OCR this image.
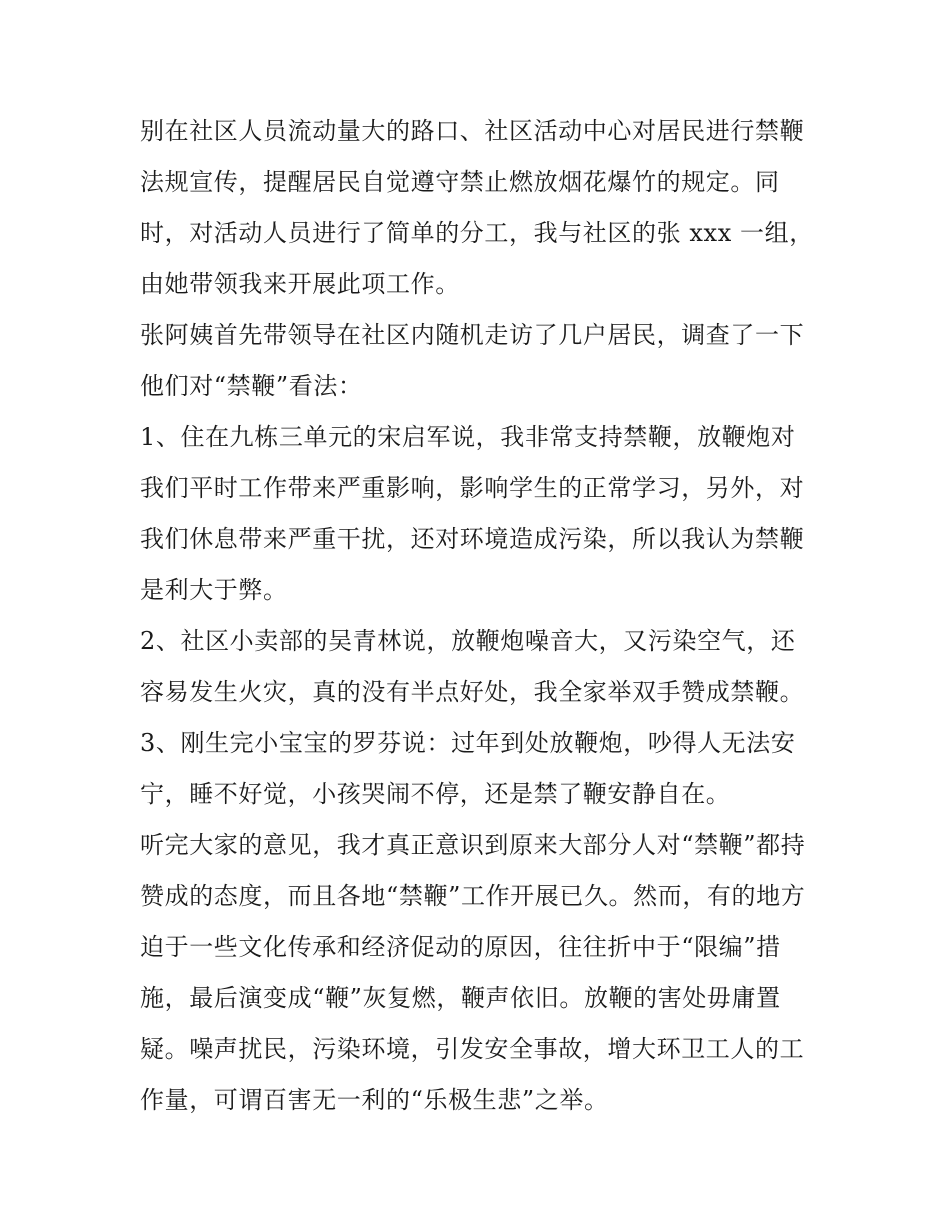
别在社区人员流动量大的路口、社区活动中心对居民进行禁鞭
法规宣传，提醒居民自觉遵守禁止燃放烟花爆竹的规定。同
时，对活动人员进行了简单的分工，我与社区的张 xxx 一组，
由她带领我来开展此项工作。
张阿姨首先带领导在社区内随机走访了几户居民，调查了一下
他们对“禁鞭”看法：
1、住在九栋三单元的宋启军说，我非常支持禁鞭，放鞭炮对
我们平时工作带来严重影响，影响学生的正常学习，另外，对
我们休息带来严重干扰，还对环境造成污染，所以我认为禁鞭
是利大于弊。
2、社区小卖部的吴青林说，放鞭炮噪音大，又污染空气，还
容易发生火灾，真的没有半点好处，我全家举双手赞成禁鞭。
3、刚生完小宝宝的罗芬说：过年到处放鞭炮，吵得人无法安
宁，睡不好觉，小孩哭闹不停，还是禁了鞭安静自在。
听完大家的意见，我才真正意识到原来大部分人对“禁鞭”都持
赞成的态度，而且各地“禁鞭”工作开展已久。然而，有的地方
迫于一些文化传承和经济促动的原因，往往折中于“限编”措
施，最后演变成“鞭”灰复燃，鞭声依旧。放鞭的害处毋庸置
疑。噪声扰民，污染环境，引发安全事故，增大环卫工人的工
作量，可谓百害无一利的“乐极生悲”之举。
